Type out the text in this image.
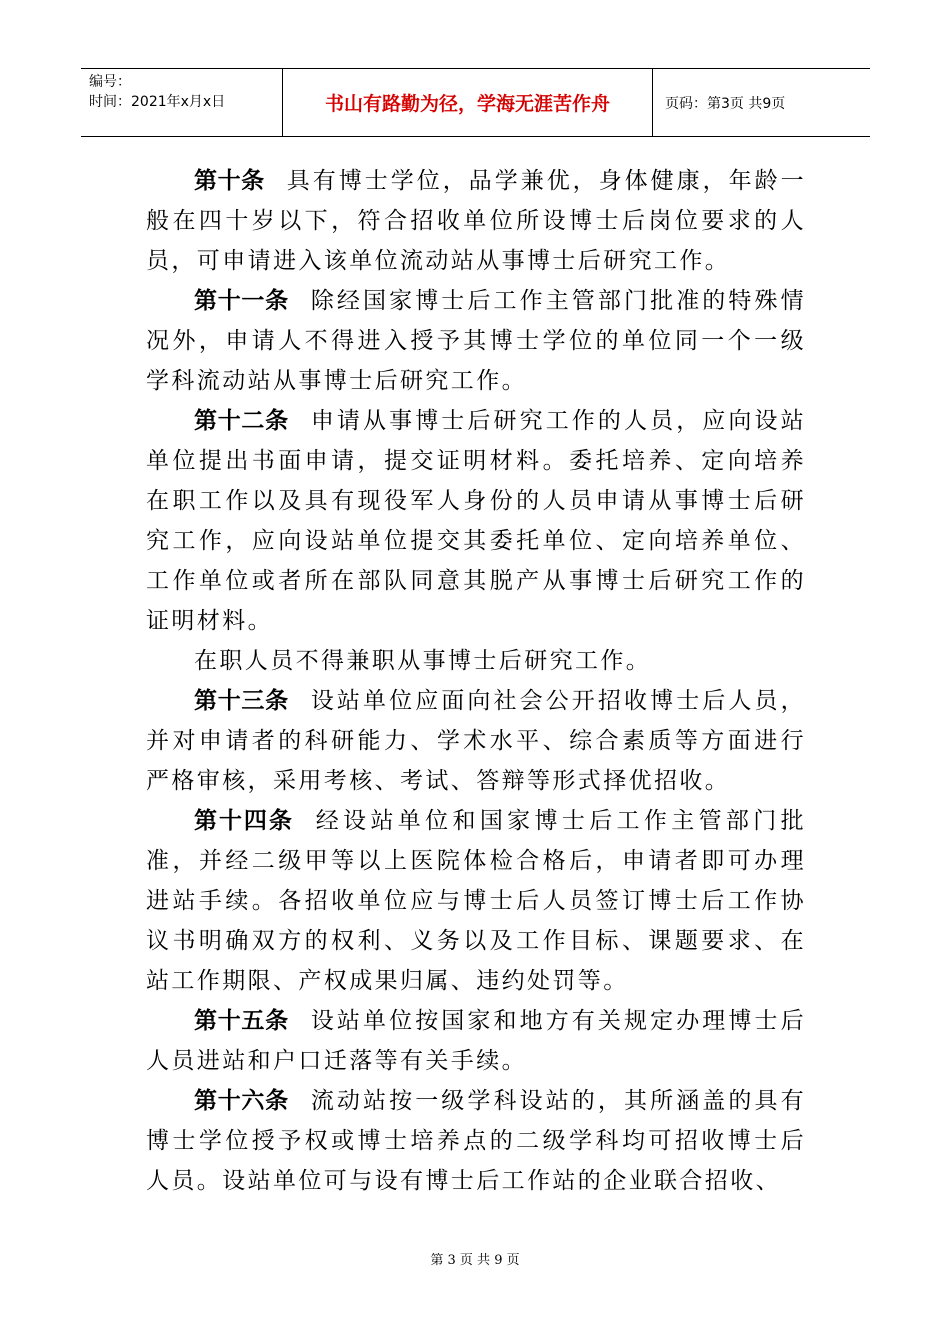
编号：
时间：2021年x月x日	书山有路勤为径，学海无涯苦作舟	页码：第3页 共9页

第十条 具有博士学位，品学兼优，身体健康，年龄一般在四十岁以下，符合招收单位所设博士后岗位要求的人员，可申请进入该单位流动站从事博士后研究工作。

第十一条 除经国家博士后工作主管部门批准的特殊情况外，申请人不得进入授予其博士学位的单位同一个一级学科流动站从事博士后研究工作。

第十二条 申请从事博士后研究工作的人员，应向设站单位提出书面申请，提交证明材料。委托培养、定向培养在职工作以及具有现役军人身份的人员申请从事博士后研究工作，应向设站单位提交其委托单位、定向培养单位、工作单位或者所在部队同意其脱产从事博士后研究工作的证明材料。

在职人员不得兼职从事博士后研究工作。

第十三条 设站单位应面向社会公开招收博士后人员，并对申请者的科研能力、学术水平、综合素质等方面进行严格审核，采用考核、考试、答辩等形式择优招收。

第十四条 经设站单位和国家博士后工作主管部门批准，并经二级甲等以上医院体检合格后，申请者即可办理进站手续。各招收单位应与博士后人员签订博士后工作协议书明确双方的权利、义务以及工作目标、课题要求、在站工作期限、产权成果归属、违约处罚等。

第十五条 设站单位按国家和地方有关规定办理博士后人员进站和户口迁落等有关手续。

第十六条 流动站按一级学科设站的，其所涵盖的具有博士学位授予权或博士培养点的二级学科均可招收博士后人员。设站单位可与设有博士后工作站的企业联合招收、

第 3 页 共 9 页
